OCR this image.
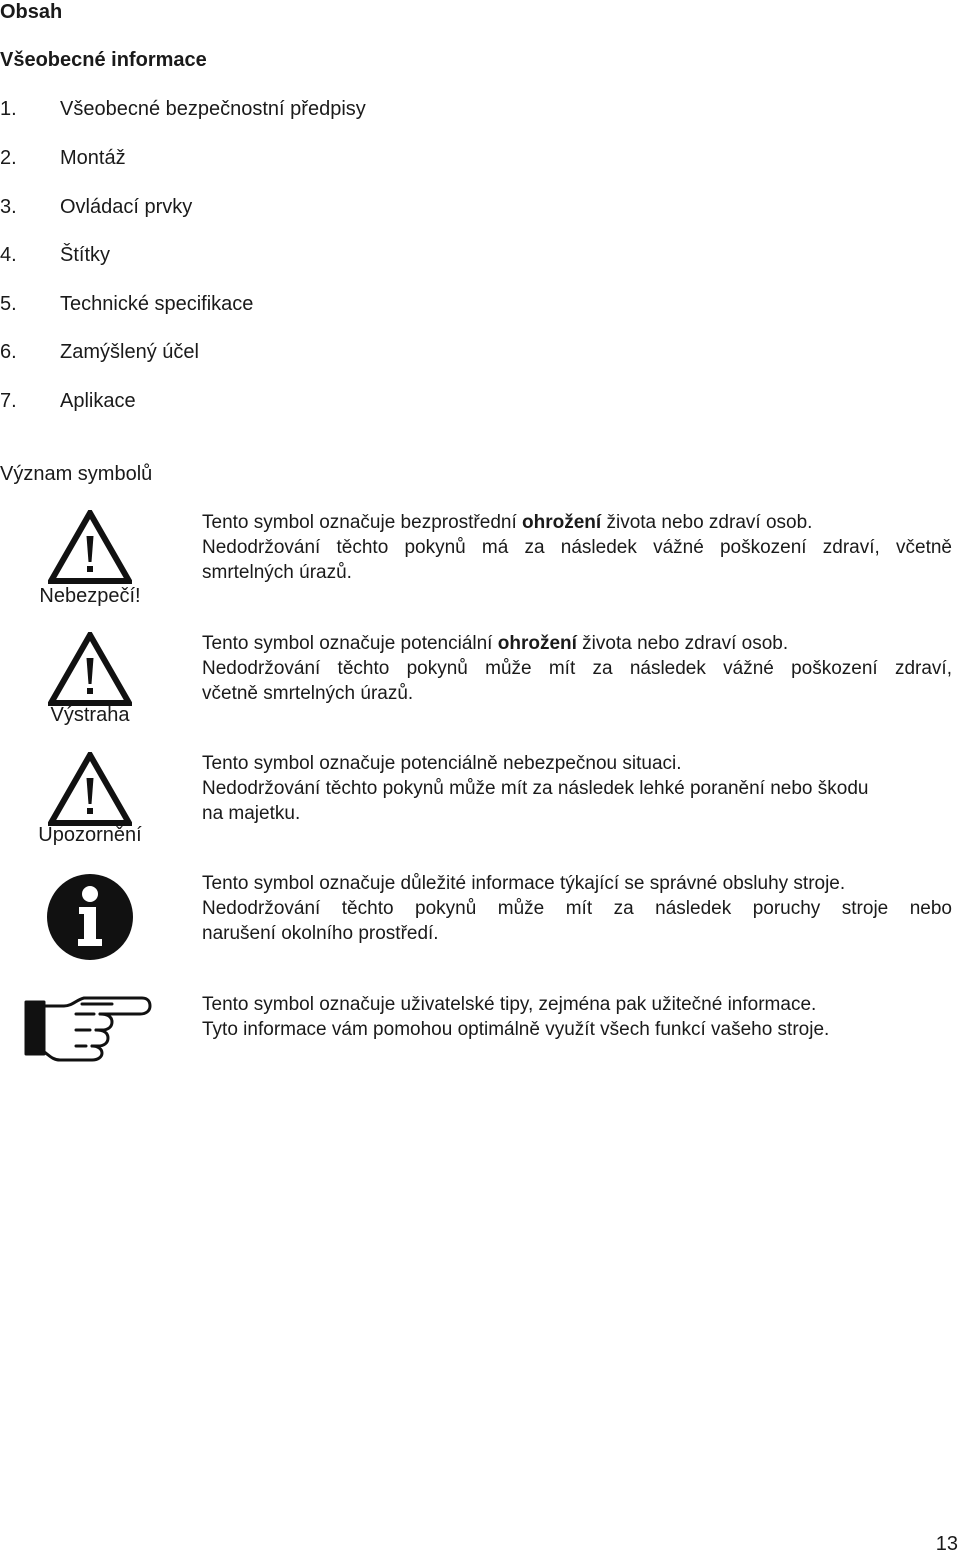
Obsah
Všeobecné informace
1. Všeobecné bezpečnostní předpisy
2. Montáž
3. Ovládací prvky
4. Štítky
5. Technické specifikace
6. Zamýšlený účel
7. Aplikace
Význam symbolů
Nebezpečí!
Tento symbol označuje bezprostřední ohrožení života nebo zdraví osob.
Nedodržování těchto pokynů má za následek vážné poškození zdraví, včetně
smrtelných úrazů.
Výstraha
Tento symbol označuje potenciální ohrožení života nebo zdraví osob.
Nedodržování těchto pokynů může mít za následek vážné poškození zdraví,
včetně smrtelných úrazů.
Upozornění
Tento symbol označuje potenciálně nebezpečnou situaci.
Nedodržování těchto pokynů může mít za následek lehké poranění nebo škodu
na majetku.
Tento symbol označuje důležité informace týkající se správné obsluhy stroje.
Nedodržování těchto pokynů může mít za následek poruchy stroje nebo
narušení okolního prostředí.
Tento symbol označuje uživatelské tipy, zejména pak užitečné informace.
Tyto informace vám pomohou optimálně využít všech funkcí vašeho stroje.
13
